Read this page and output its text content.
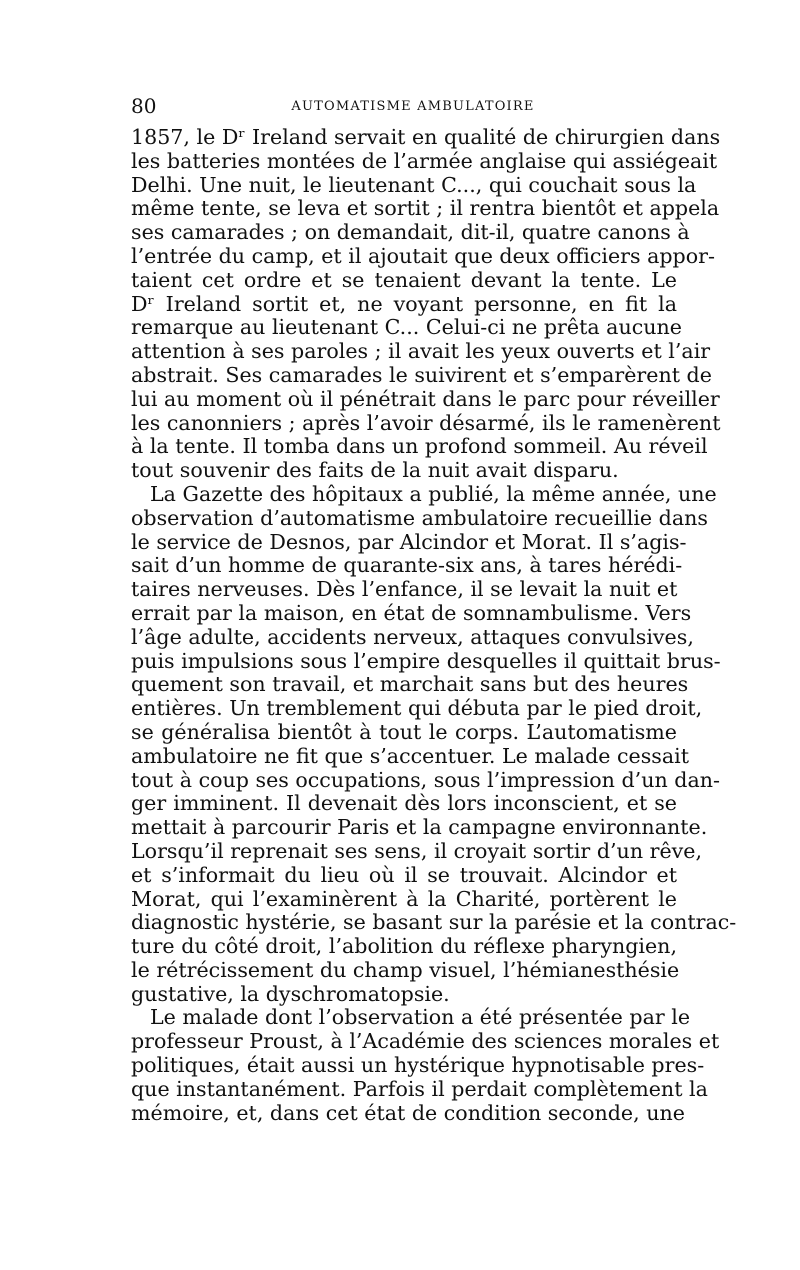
80	AUTOMATISME AMBULATOIRE
1857, le Dʳ Ireland servait en qualité de chirurgien dans
les batteries montées de l’armée anglaise qui assiégeait
Delhi. Une nuit, le lieutenant C..., qui couchait sous la
même tente, se leva et sortit ; il rentra bientôt et appela
ses camarades ; on demandait, dit-il, quatre canons à
l’entrée du camp, et il ajoutait que deux officiers appor-
taient cet ordre et se tenaient devant la tente. Le
Dʳ Ireland sortit et, ne voyant personne, en fit la
remarque au lieutenant C... Celui-ci ne prêta aucune
attention à ses paroles ; il avait les yeux ouverts et l’air
abstrait. Ses camarades le suivirent et s’emparèrent de
lui au moment où il pénétrait dans le parc pour réveiller
les canonniers ; après l’avoir désarmé, ils le ramenèrent
à la tente. Il tomba dans un profond sommeil. Au réveil
tout souvenir des faits de la nuit avait disparu.
La Gazette des hôpitaux a publié, la même année, une
observation d’automatisme ambulatoire recueillie dans
le service de Desnos, par Alcindor et Morat. Il s’agis-
sait d’un homme de quarante-six ans, à tares hérédi-
taires nerveuses. Dès l’enfance, il se levait la nuit et
errait par la maison, en état de somnambulisme. Vers
l’âge adulte, accidents nerveux, attaques convulsives,
puis impulsions sous l’empire desquelles il quittait brus-
quement son travail, et marchait sans but des heures
entières. Un tremblement qui débuta par le pied droit,
se généralisa bientôt à tout le corps. L’automatisme
ambulatoire ne fit que s’accentuer. Le malade cessait
tout à coup ses occupations, sous l’impression d’un dan-
ger imminent. Il devenait dès lors inconscient, et se
mettait à parcourir Paris et la campagne environnante.
Lorsqu’il reprenait ses sens, il croyait sortir d’un rêve,
et s’informait du lieu où il se trouvait. Alcindor et
Morat, qui l’examinèrent à la Charité, portèrent le
diagnostic hystérie, se basant sur la parésie et la contrac-
ture du côté droit, l’abolition du réflexe pharyngien,
le rétrécissement du champ visuel, l’hémianesthésie
gustative, la dyschromatopsie.
Le malade dont l’observation a été présentée par le
professeur Proust, à l’Académie des sciences morales et
politiques, était aussi un hystérique hypnotisable pres-
que instantanément. Parfois il perdait complètement la
mémoire, et, dans cet état de condition seconde, une
